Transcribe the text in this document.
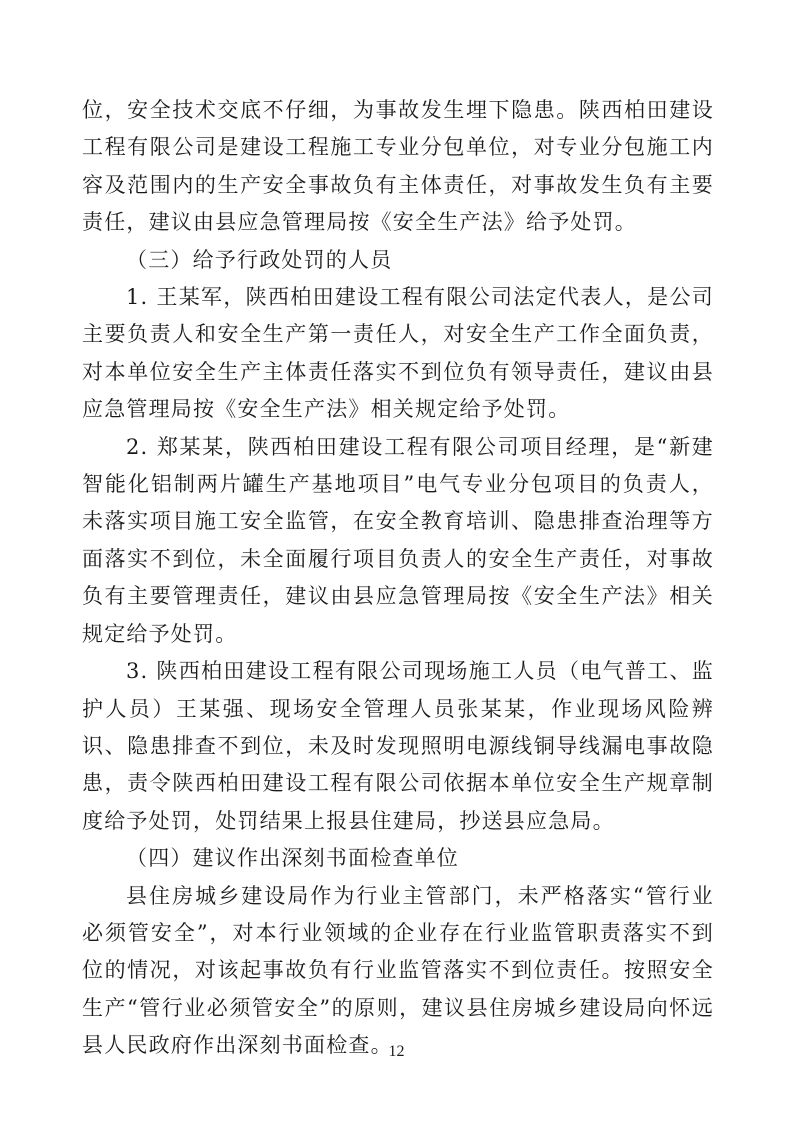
位，安全技术交底不仔细，为事故发生埋下隐患。陕西柏田建设工程有限公司是建设工程施工专业分包单位，对专业分包施工内容及范围内的生产安全事故负有主体责任，对事故发生负有主要责任，建议由县应急管理局按《安全生产法》给予处罚。

（三）给予行政处罚的人员

1. 王某军，陕西柏田建设工程有限公司法定代表人，是公司主要负责人和安全生产第一责任人，对安全生产工作全面负责，对本单位安全生产主体责任落实不到位负有领导责任，建议由县应急管理局按《安全生产法》相关规定给予处罚。

2. 郑某某，陕西柏田建设工程有限公司项目经理，是“新建智能化铝制两片罐生产基地项目”电气专业分包项目的负责人，未落实项目施工安全监管，在安全教育培训、隐患排查治理等方面落实不到位，未全面履行项目负责人的安全生产责任，对事故负有主要管理责任，建议由县应急管理局按《安全生产法》相关规定给予处罚。

3. 陕西柏田建设工程有限公司现场施工人员（电气普工、监护人员）王某强、现场安全管理人员张某某，作业现场风险辨识、隐患排查不到位，未及时发现照明电源线铜导线漏电事故隐患，责令陕西柏田建设工程有限公司依据本单位安全生产规章制度给予处罚，处罚结果上报县住建局，抄送县应急局。

（四）建议作出深刻书面检查单位

县住房城乡建设局作为行业主管部门，未严格落实“管行业必须管安全”，对本行业领域的企业存在行业监管职责落实不到位的情况，对该起事故负有行业监管落实不到位责任。按照安全生产“管行业必须管安全”的原则，建议县住房城乡建设局向怀远县人民政府作出深刻书面检查。

12
